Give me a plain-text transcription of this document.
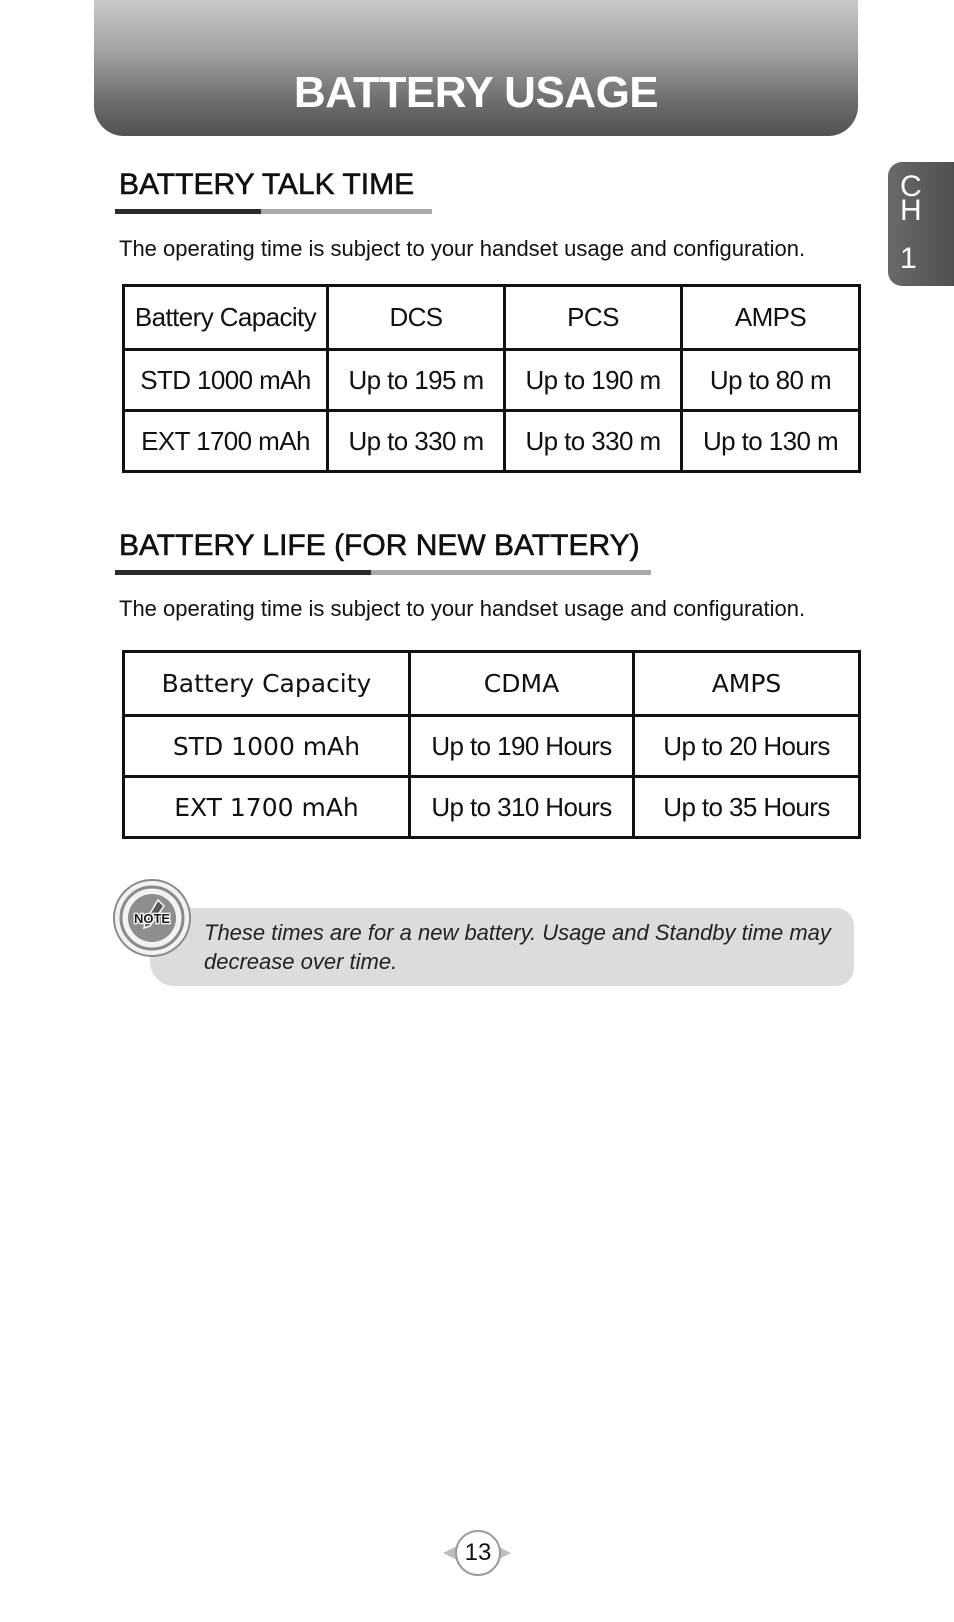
BATTERY USAGE
C
H
1
BATTERY TALK TIME

The operating time is subject to your handset usage and configuration.

Battery Capacity	DCS	PCS	AMPS
STD 1000 mAh	Up to 195 m	Up to 190 m	Up to 80 m
EXT 1700 mAh	Up to 330 m	Up to 330 m	Up to 130 m
BATTERY LIFE (FOR NEW BATTERY)

The operating time is subject to your handset usage and configuration.

Battery Capacity	CDMA	AMPS
STD 1000 mAh	Up to 190 Hours	Up to 20 Hours
EXT 1700 mAh	Up to 310 Hours	Up to 35 Hours

These times are for a new battery. Usage and Standby time may decrease over time.

NOTE
13
